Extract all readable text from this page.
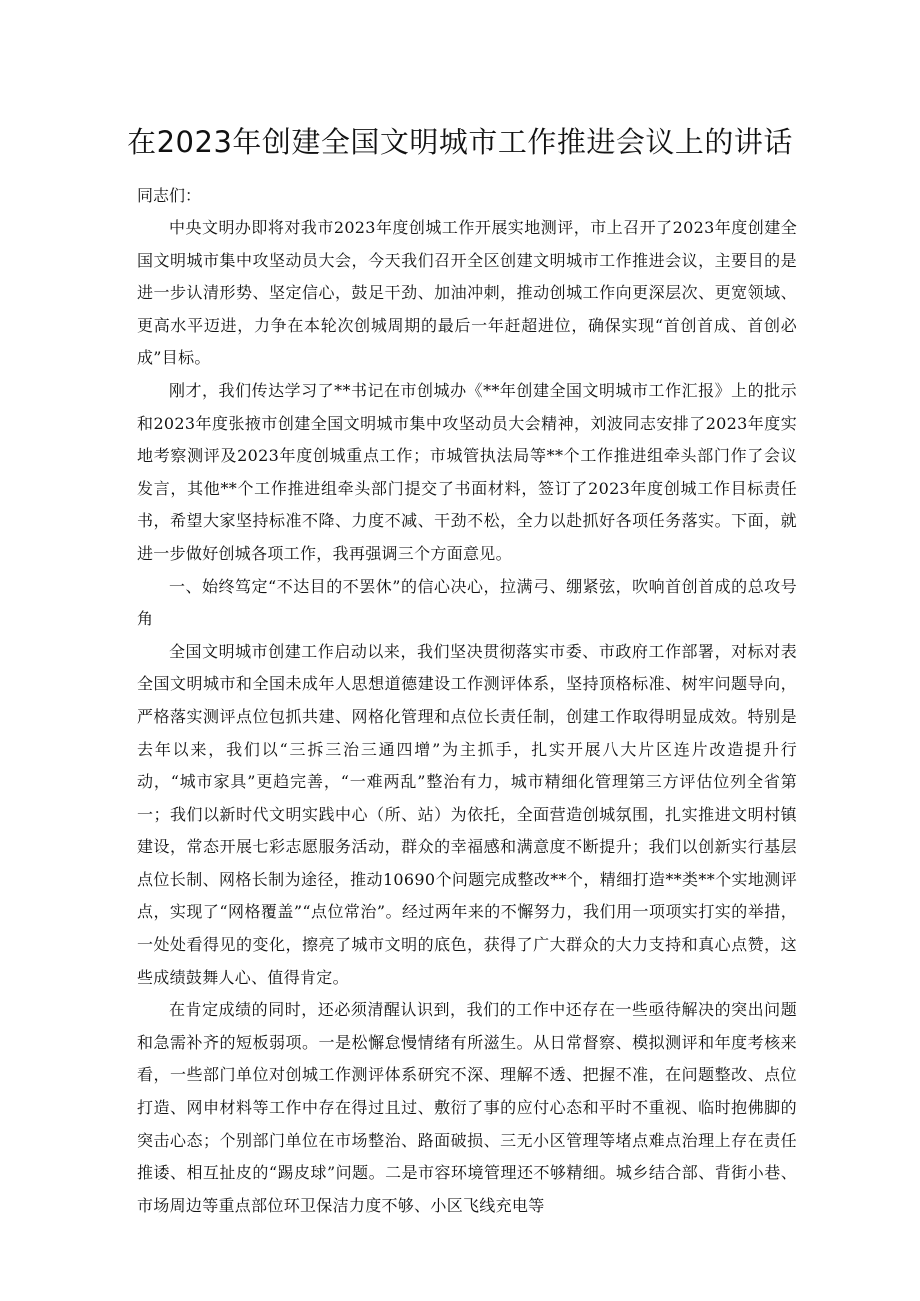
在2023年创建全国文明城市工作推进会议上的讲话

同志们：

中央文明办即将对我市2023年度创城工作开展实地测评，市上召开了2023年度创建全国文明城市集中攻坚动员大会，今天我们召开全区创建文明城市工作推进会议，主要目的是进一步认清形势、坚定信心，鼓足干劲、加油冲刺，推动创城工作向更深层次、更宽领域、更高水平迈进，力争在本轮次创城周期的最后一年赶超进位，确保实现“首创首成、首创必成”目标。

刚才，我们传达学习了**书记在市创城办《**年创建全国文明城市工作汇报》上的批示和2023年度张掖市创建全国文明城市集中攻坚动员大会精神，刘波同志安排了2023年度实地考察测评及2023年度创城重点工作；市城管执法局等**个工作推进组牵头部门作了会议发言，其他**个工作推进组牵头部门提交了书面材料，签订了2023年度创城工作目标责任书，希望大家坚持标准不降、力度不减、干劲不松，全力以赴抓好各项任务落实。下面，就进一步做好创城各项工作，我再强调三个方面意见。

一、始终笃定“不达目的不罢休”的信心决心，拉满弓、绷紧弦，吹响首创首成的总攻号角

全国文明城市创建工作启动以来，我们坚决贯彻落实市委、市政府工作部署，对标对表全国文明城市和全国未成年人思想道德建设工作测评体系，坚持顶格标准、树牢问题导向，严格落实测评点位包抓共建、网格化管理和点位长责任制，创建工作取得明显成效。特别是去年以来，我们以“三拆三治三通四增”为主抓手，扎实开展八大片区连片改造提升行动，“城市家具”更趋完善，“一难两乱”整治有力，城市精细化管理第三方评估位列全省第一；我们以新时代文明实践中心（所、站）为依托，全面营造创城氛围，扎实推进文明村镇建设，常态开展七彩志愿服务活动，群众的幸福感和满意度不断提升；我们以创新实行基层点位长制、网格长制为途径，推动10690个问题完成整改**个，精细打造**类**个实地测评点，实现了“网格覆盖”“点位常治”。经过两年来的不懈努力，我们用一项项实打实的举措，一处处看得见的变化，擦亮了城市文明的底色，获得了广大群众的大力支持和真心点赞，这些成绩鼓舞人心、值得肯定。

在肯定成绩的同时，还必须清醒认识到，我们的工作中还存在一些亟待解决的突出问题和急需补齐的短板弱项。一是松懈怠慢情绪有所滋生。从日常督察、模拟测评和年度考核来看，一些部门单位对创城工作测评体系研究不深、理解不透、把握不准，在问题整改、点位打造、网申材料等工作中存在得过且过、敷衍了事的应付心态和平时不重视、临时抱佛脚的突击心态；个别部门单位在市场整治、路面破损、三无小区管理等堵点难点治理上存在责任推诿、相互扯皮的“踢皮球”问题。二是市容环境管理还不够精细。城乡结合部、背街小巷、市场周边等重点部位环卫保洁力度不够、小区飞线充电等
